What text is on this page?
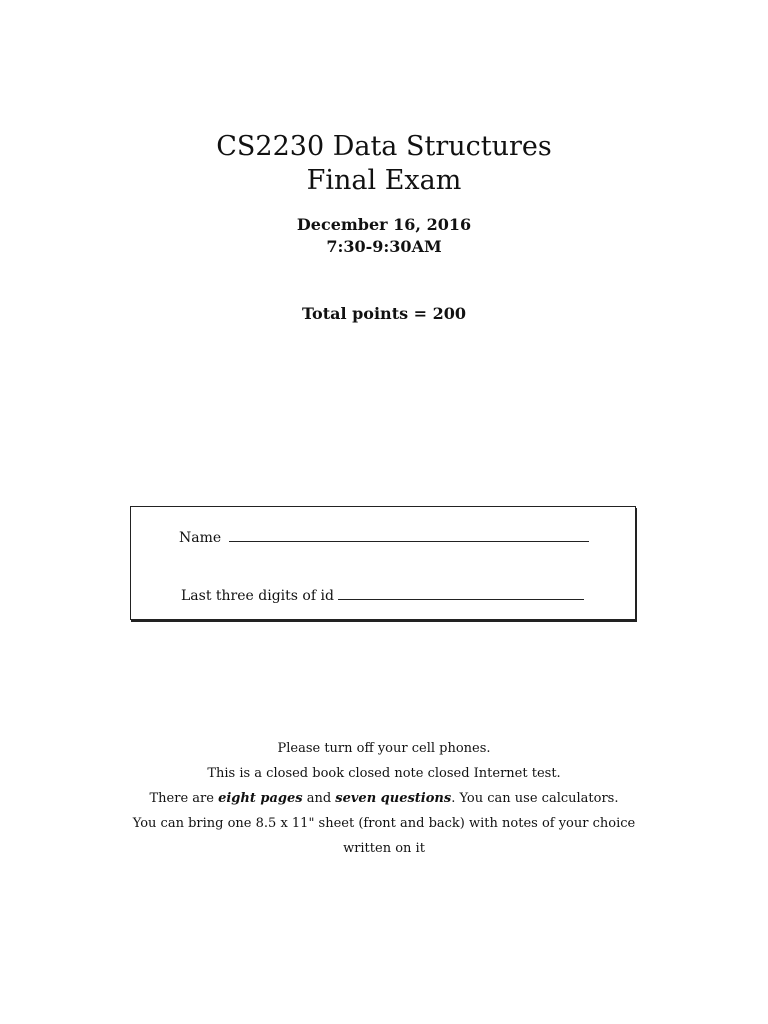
CS2230 Data Structures
Final Exam
December 16, 2016
7:30-9:30AM
Total points = 200
Name
Last three digits of id

Please turn off your cell phones.

This is a closed book closed note closed Internet test.

There are eight pages and seven questions. You can use calculators.

You can bring one 8.5 x 11" sheet (front and back) with notes of your choice

written on it
